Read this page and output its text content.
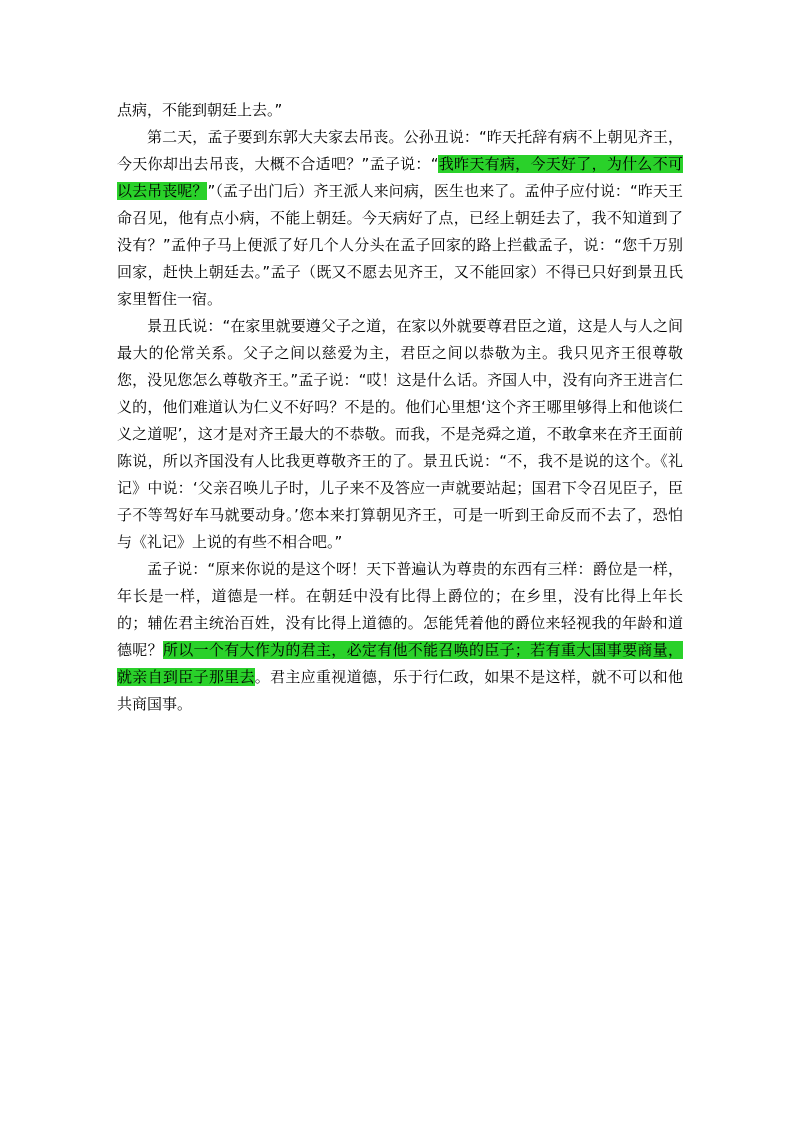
点病，不能到朝廷上去。”

第二天，孟子要到东郭大夫家去吊丧。公孙丑说：“昨天托辞有病不上朝见齐王，今天你却出去吊丧，大概不合适吧？”孟子说：“我昨天有病，今天好了，为什么不可以去吊丧呢？”（孟子出门后）齐王派人来问病，医生也来了。孟仲子应付说：“昨天王命召见，他有点小病，不能上朝廷。今天病好了点，已经上朝廷去了，我不知道到了没有？”孟仲子马上便派了好几个人分头在孟子回家的路上拦截孟子，说：“您千万别回家，赶快上朝廷去。”孟子（既又不愿去见齐王，又不能回家）不得已只好到景丑氏家里暂住一宿。

景丑氏说：“在家里就要遵父子之道，在家以外就要尊君臣之道，这是人与人之间最大的伦常关系。父子之间以慈爱为主，君臣之间以恭敬为主。我只见齐王很尊敬您，没见您怎么尊敬齐王。”孟子说：“哎！这是什么话。齐国人中，没有向齐王进言仁义的，他们难道认为仁义不好吗？不是的。他们心里想‘这个齐王哪里够得上和他谈仁义之道呢’，这才是对齐王最大的不恭敬。而我，不是尧舜之道，不敢拿来在齐王面前陈说，所以齐国没有人比我更尊敬齐王的了。景丑氏说：“不，我不是说的这个。《礼记》中说：‘父亲召唤儿子时，儿子来不及答应一声就要站起；国君下令召见臣子，臣子不等驾好车马就要动身。’您本来打算朝见齐王，可是一听到王命反而不去了，恐怕与《礼记》上说的有些不相合吧。”

孟子说：“原来你说的是这个呀！天下普遍认为尊贵的东西有三样：爵位是一样，年长是一样，道德是一样。在朝廷中没有比得上爵位的；在乡里，没有比得上年长的；辅佐君主统治百姓，没有比得上道德的。怎能凭着他的爵位来轻视我的年龄和道德呢？所以一个有大作为的君主，必定有他不能召唤的臣子；若有重大国事要商量，就亲自到臣子那里去。君主应重视道德，乐于行仁政，如果不是这样，就不可以和他共商国事。
